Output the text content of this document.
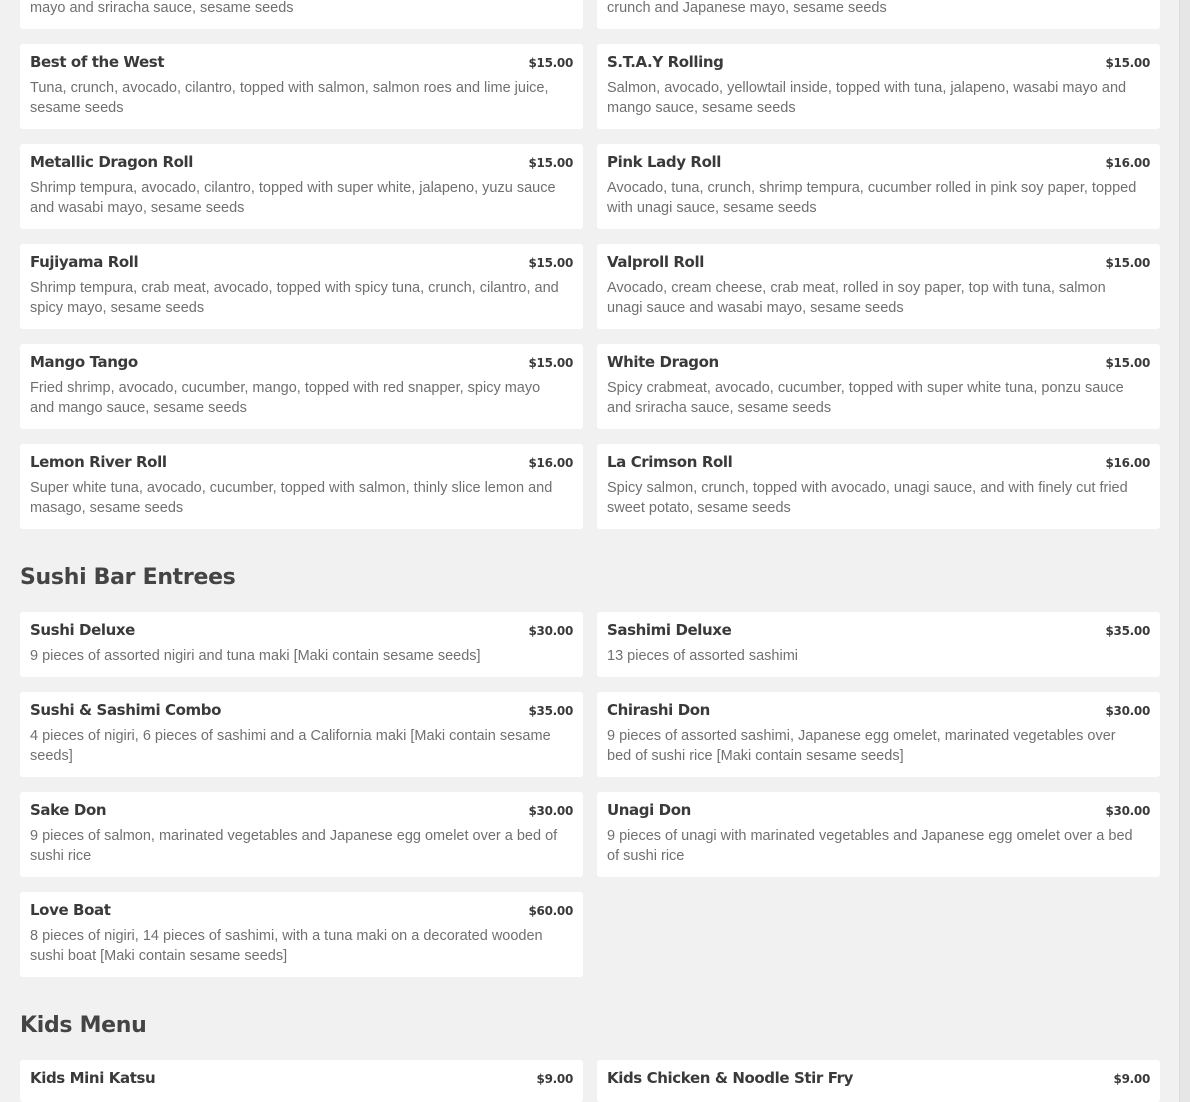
mayo and sriracha sauce, sesame seeds	crunch and Japanese mayo, sesame seeds
Best of the West	$15.00
Tuna, crunch, avocado, cilantro, topped with salmon, salmon roes and lime juice, sesame seeds
S.T.A.Y Rolling	$15.00
Salmon, avocado, yellowtail inside, topped with tuna, jalapeno, wasabi mayo and mango sauce, sesame seeds
Metallic Dragon Roll	$15.00
Shrimp tempura, avocado, cilantro, topped with super white, jalapeno, yuzu sauce and wasabi mayo, sesame seeds
Pink Lady Roll	$16.00
Avocado, tuna, crunch, shrimp tempura, cucumber rolled in pink soy paper, topped with unagi sauce, sesame seeds
Fujiyama Roll	$15.00
Shrimp tempura, crab meat, avocado, topped with spicy tuna, crunch, cilantro, and spicy mayo, sesame seeds
Valproll Roll	$15.00
Avocado, cream cheese, crab meat, rolled in soy paper, top with tuna, salmon unagi sauce and wasabi mayo, sesame seeds
Mango Tango	$15.00
Fried shrimp, avocado, cucumber, mango, topped with red snapper, spicy mayo and mango sauce, sesame seeds
White Dragon	$15.00
Spicy crabmeat, avocado, cucumber, topped with super white tuna, ponzu sauce and sriracha sauce, sesame seeds
Lemon River Roll	$16.00
Super white tuna, avocado, cucumber, topped with salmon, thinly slice lemon and masago, sesame seeds
La Crimson Roll	$16.00
Spicy salmon, crunch, topped with avocado, unagi sauce, and with finely cut fried sweet potato, sesame seeds
Sushi Bar Entrees
Sushi Deluxe	$30.00
9 pieces of assorted nigiri and tuna maki [Maki contain sesame seeds]
Sashimi Deluxe	$35.00
13 pieces of assorted sashimi
Sushi & Sashimi Combo	$35.00
4 pieces of nigiri, 6 pieces of sashimi and a California maki [Maki contain sesame seeds]
Chirashi Don	$30.00
9 pieces of assorted sashimi, Japanese egg omelet, marinated vegetables over bed of sushi rice [Maki contain sesame seeds]
Sake Don	$30.00
9 pieces of salmon, marinated vegetables and Japanese egg omelet over a bed of sushi rice
Unagi Don	$30.00
9 pieces of unagi with marinated vegetables and Japanese egg omelet over a bed of sushi rice
Love Boat	$60.00
8 pieces of nigiri, 14 pieces of sashimi, with a tuna maki on a decorated wooden sushi boat [Maki contain sesame seeds]
Kids Menu
Kids Mini Katsu	$9.00 Kids Chicken & Noodle Stir Fry	$9.00
